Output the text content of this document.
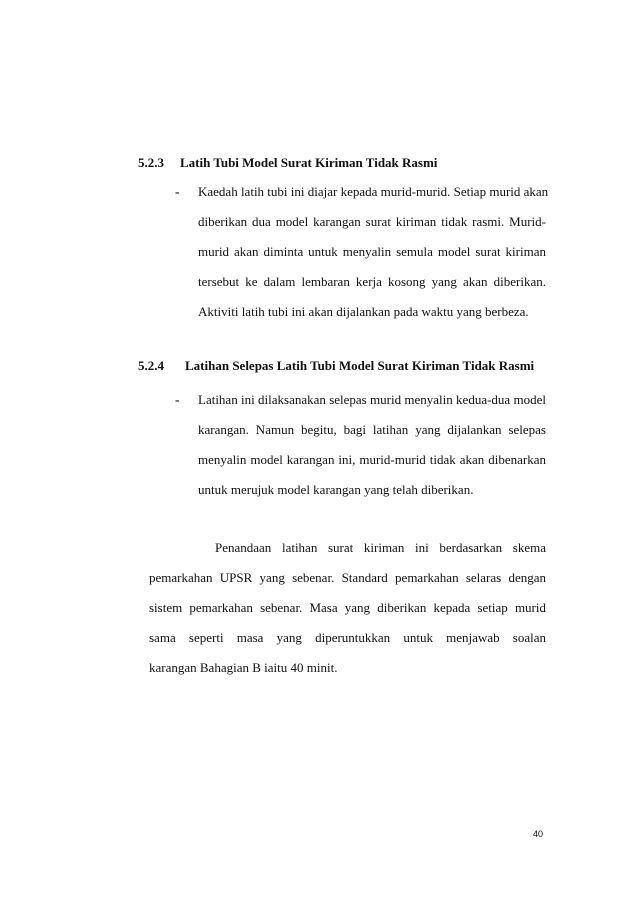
5.2.3 Latih Tubi Model Surat Kiriman Tidak Rasmi
- Kaedah latih tubi ini diajar kepada murid-murid. Setiap murid akan
diberikan dua model karangan surat kiriman tidak rasmi. Murid-
murid akan diminta untuk menyalin semula model surat kiriman
tersebut ke dalam lembaran kerja kosong yang akan diberikan.
Aktiviti latih tubi ini akan dijalankan pada waktu yang berbeza.
5.2.4 Latihan Selepas Latih Tubi Model Surat Kiriman Tidak Rasmi
- Latihan ini dilaksanakan selepas murid menyalin kedua-dua model
karangan. Namun begitu, bagi latihan yang dijalankan selepas
menyalin model karangan ini, murid-murid tidak akan dibenarkan
untuk merujuk model karangan yang telah diberikan.
Penandaan latihan surat kiriman ini berdasarkan skema
pemarkahan UPSR yang sebenar. Standard pemarkahan selaras dengan
sistem pemarkahan sebenar. Masa yang diberikan kepada setiap murid
sama seperti masa yang diperuntukkan untuk menjawab soalan
karangan Bahagian B iaitu 40 minit.
40
